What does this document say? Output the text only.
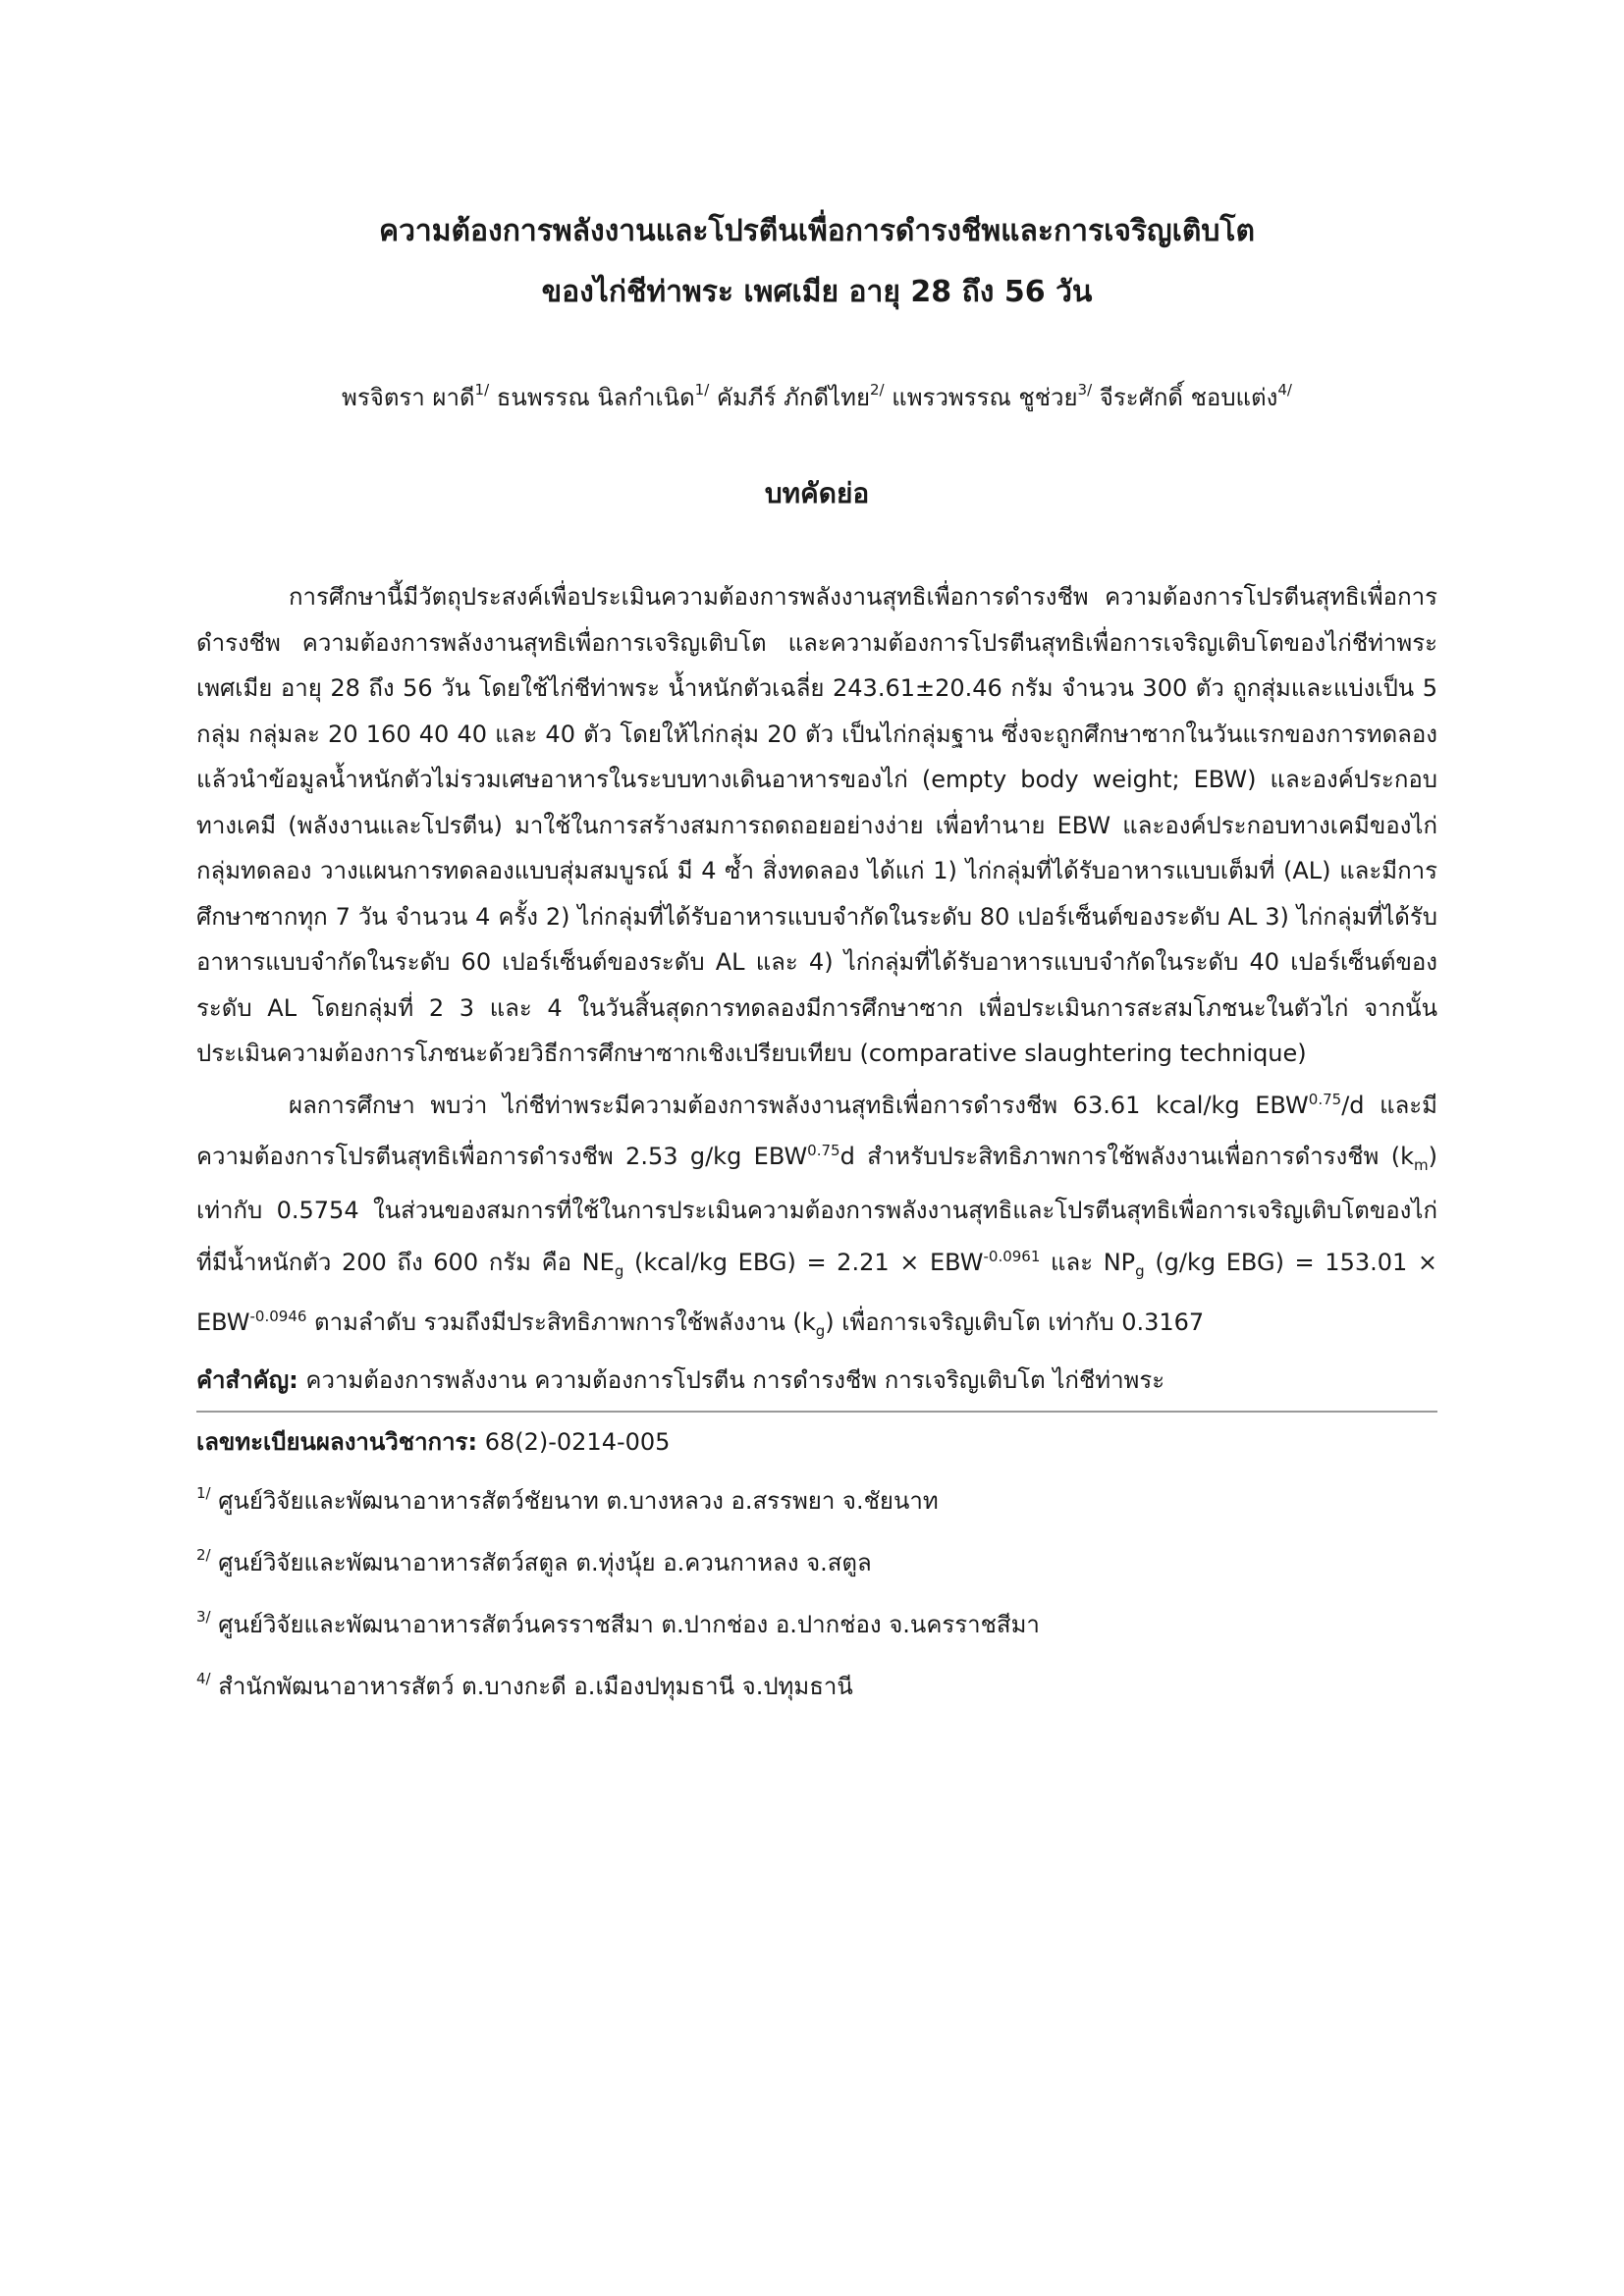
ความต้องการพลังงานและโปรตีนเพื่อการดำรงชีพและการเจริญเติบโต
ของไก่ชีท่าพระ เพศเมีย อายุ 28 ถึง 56 วัน
พรจิตรา ผาดี$^{1/}$ ธนพรรณ นิลกำเนิด$^{1/}$ คัมภีร์ ภักดีไทย$^{2/}$ แพรวพรรณ ชูช่วย$^{3/}$ จีระศักดิ์ ชอบแต่ง$^{4/}$
บทคัดย่อ

การศึกษานี้มีวัตถุประสงค์เพื่อประเมินความต้องการพลังงานสุทธิเพื่อการดำรงชีพ ความต้องการโปรตีนสุทธิเพื่อการดำรงชีพ ความต้องการพลังงานสุทธิเพื่อการเจริญเติบโต และความต้องการโปรตีนสุทธิเพื่อการเจริญเติบโตของไก่ชีท่าพระ เพศเมีย อายุ 28 ถึง 56 วัน โดยใช้ไก่ชีท่าพระ น้ำหนักตัวเฉลี่ย 243.61±20.46 กรัม จำนวน 300 ตัว ถูกสุ่มและแบ่งเป็น 5 กลุ่ม กลุ่มละ 20 160 40 40 และ 40 ตัว โดยให้ไก่กลุ่ม 20 ตัว เป็นไก่กลุ่มฐาน ซึ่งจะถูกศึกษาซากในวันแรกของการทดลอง แล้วนำข้อมูลน้ำหนักตัวไม่รวมเศษอาหารในระบบทางเดินอาหารของไก่ (empty body weight; EBW) และองค์ประกอบทางเคมี (พลังงานและโปรตีน) มาใช้ในการสร้างสมการถดถอยอย่างง่าย เพื่อทำนาย EBW และองค์ประกอบทางเคมีของไก่กลุ่มทดลอง วางแผนการทดลองแบบสุ่มสมบูรณ์ มี 4 ซ้ำ สิ่งทดลอง ได้แก่ 1) ไก่กลุ่มที่ได้รับอาหารแบบเต็มที่ (AL) และมีการศึกษาซากทุก 7 วัน จำนวน 4 ครั้ง 2) ไก่กลุ่มที่ได้รับอาหารแบบจำกัดในระดับ 80 เปอร์เซ็นต์ของระดับ AL 3) ไก่กลุ่มที่ได้รับอาหารแบบจำกัดในระดับ 60 เปอร์เซ็นต์ของระดับ AL และ 4) ไก่กลุ่มที่ได้รับอาหารแบบจำกัดในระดับ 40 เปอร์เซ็นต์ของระดับ AL โดยกลุ่มที่ 2 3 และ 4 ในวันสิ้นสุดการทดลองมีการศึกษาซาก เพื่อประเมินการสะสมโภชนะในตัวไก่ จากนั้นประเมินความต้องการโภชนะด้วยวิธีการศึกษาซากเชิงเปรียบเทียบ (comparative slaughtering technique)

ผลการศึกษา พบว่า ไก่ชีท่าพระมีความต้องการพลังงานสุทธิเพื่อการดำรงชีพ 63.61 kcal/kg $EBW^{0.75}/d$ และมีความต้องการโปรตีนสุทธิเพื่อการดำรงชีพ 2.53 g/kg $EBW^{0.75}d$ สำหรับประสิทธิภาพการใช้พลังงานเพื่อการดำรงชีพ $(k_m)$ เท่ากับ 0.5754 ในส่วนของสมการที่ใช้ในการประเมินความต้องการพลังงานสุทธิและโปรตีนสุทธิเพื่อการเจริญเติบโตของไก่ที่มีน้ำหนักตัว 200 ถึง 600 กรัม คือ $NE_g$ (kcal/kg $EBG) = 2.21 \times EBW^{-0.0961}$ และ $NP_g$ (g/kg $EBG) = 153.01 \times EBW^{-0.0946}$ ตามลำดับ รวมถึงมีประสิทธิภาพการใช้พลังงาน $(k_g)$ เพื่อการเจริญเติบโต เท่ากับ 0.3167

คำสำคัญ: ความต้องการพลังงาน ความต้องการโปรตีน การดำรงชีพ การเจริญเติบโต ไก่ชีท่าพระ
เลขทะเบียนผลงานวิชาการ: 68(2)-0214-005
$^{1/}$ ศูนย์วิจัยและพัฒนาอาหารสัตว์ชัยนาท ต.บางหลวง อ.สรรพยา จ.ชัยนาท
$^{2/}$ ศูนย์วิจัยและพัฒนาอาหารสัตว์สตูล ต.ทุ่งนุ้ย อ.ควนกาหลง จ.สตูล
$^{3/}$ ศูนย์วิจัยและพัฒนาอาหารสัตว์นครราชสีมา ต.ปากช่อง อ.ปากช่อง จ.นครราชสีมา
$^{4/}$ สำนักพัฒนาอาหารสัตว์ ต.บางกะดี อ.เมืองปทุมธานี จ.ปทุมธานี
